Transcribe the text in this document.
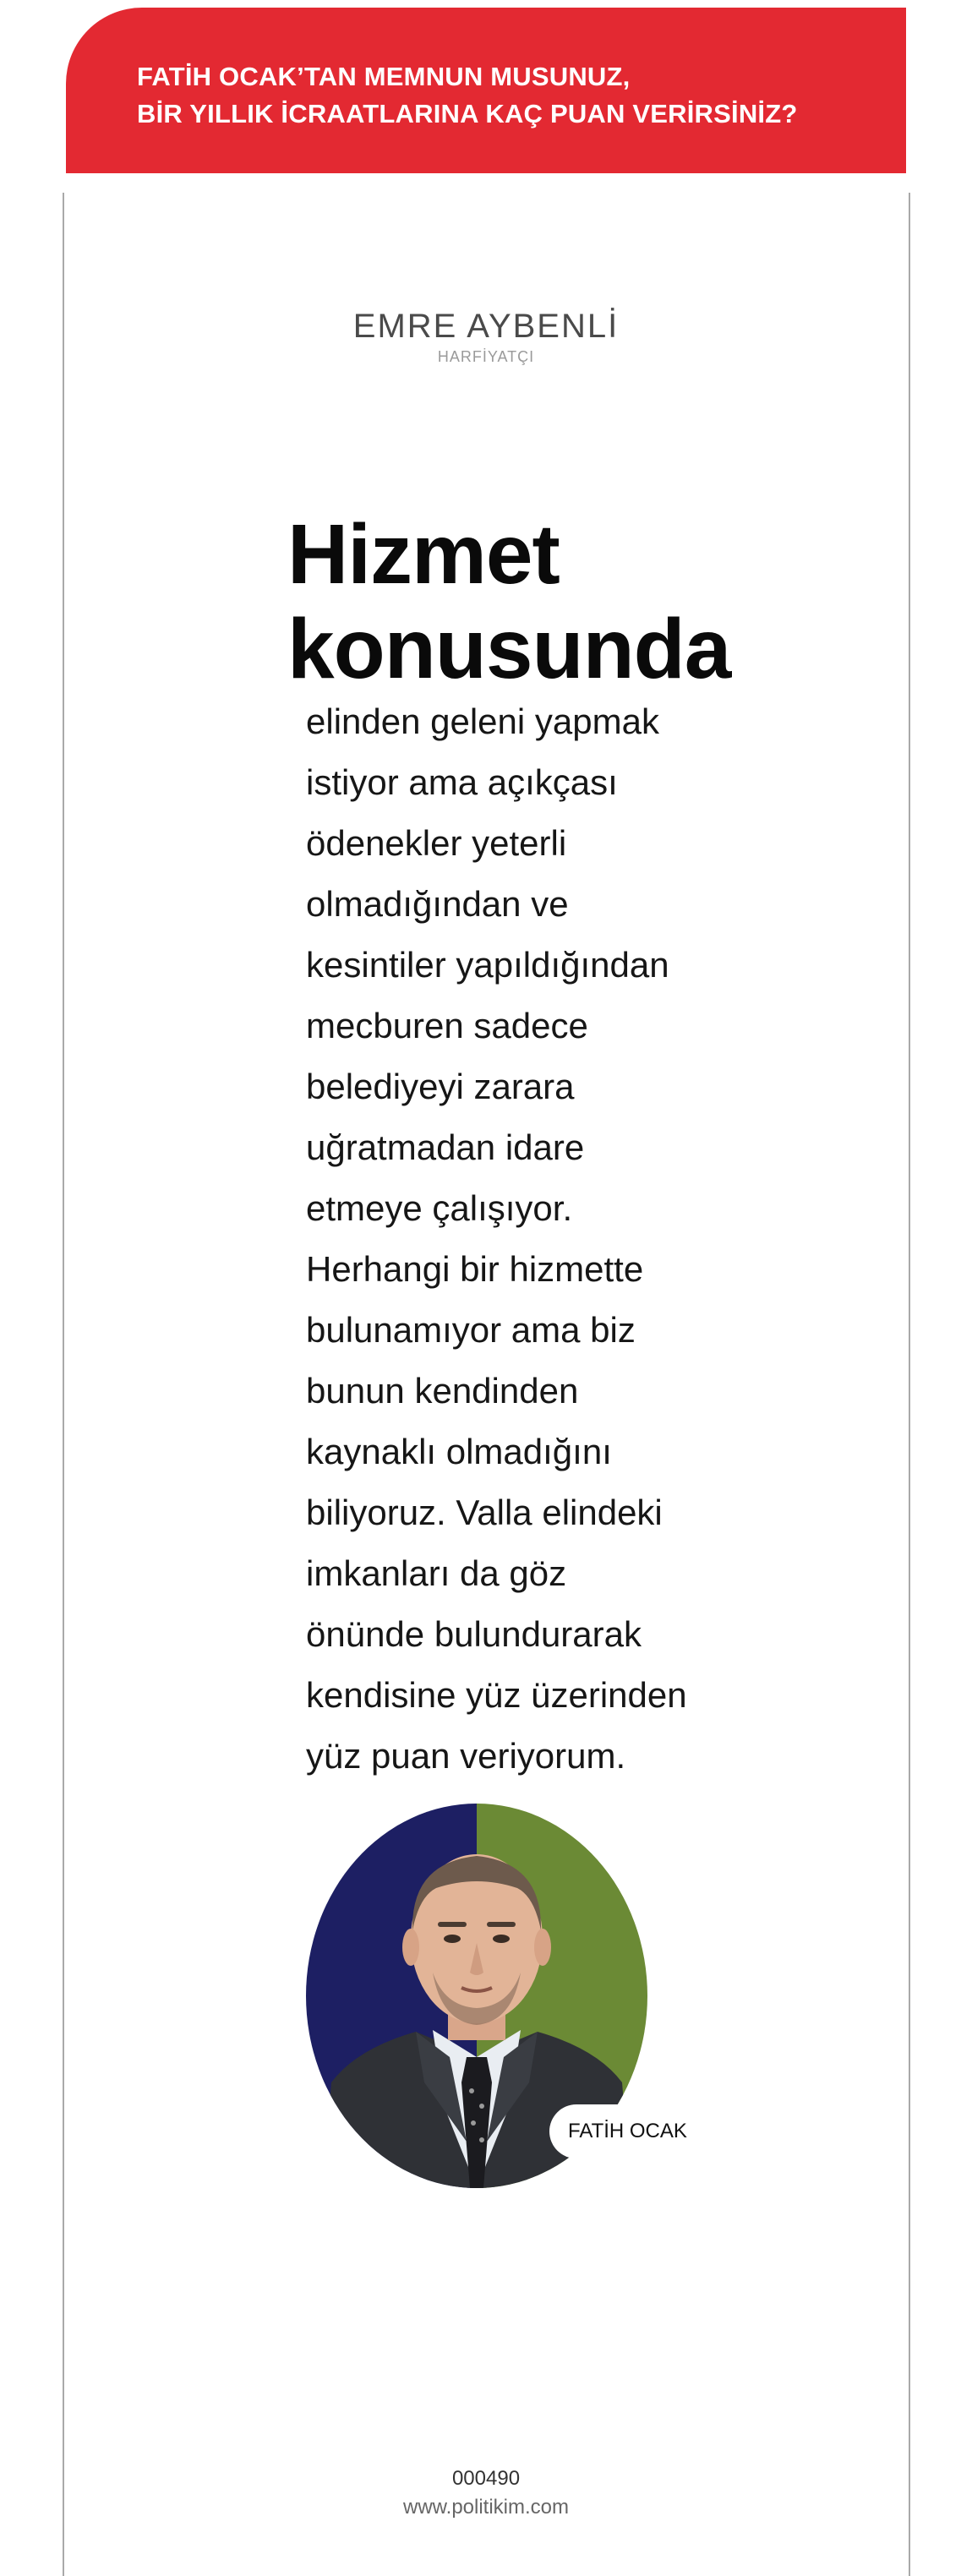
FATİH OCAK’TAN MEMNUN MUSUNUZ,
BİR YILLIK İCRAATLARINA KAÇ PUAN VERİRSİNİZ?
EMRE AYBENLİ
HARFİYATÇI
Hizmet
konusunda
elinden geleni yapmak
istiyor ama açıkçası
ödenekler yeterli
olmadığından ve
kesintiler yapıldığından
mecburen sadece
belediyeyi zarara
uğratmadan idare
etmeye çalışıyor.
Herhangi bir hizmette
bulunamıyor ama biz
bunun kendinden
kaynaklı olmadığını
biliyoruz. Valla elindeki
imkanları da göz
önünde bulundurarak
kendisine yüz üzerinden
yüz puan veriyorum.
FATİH OCAK
000490
www.politikim.com
